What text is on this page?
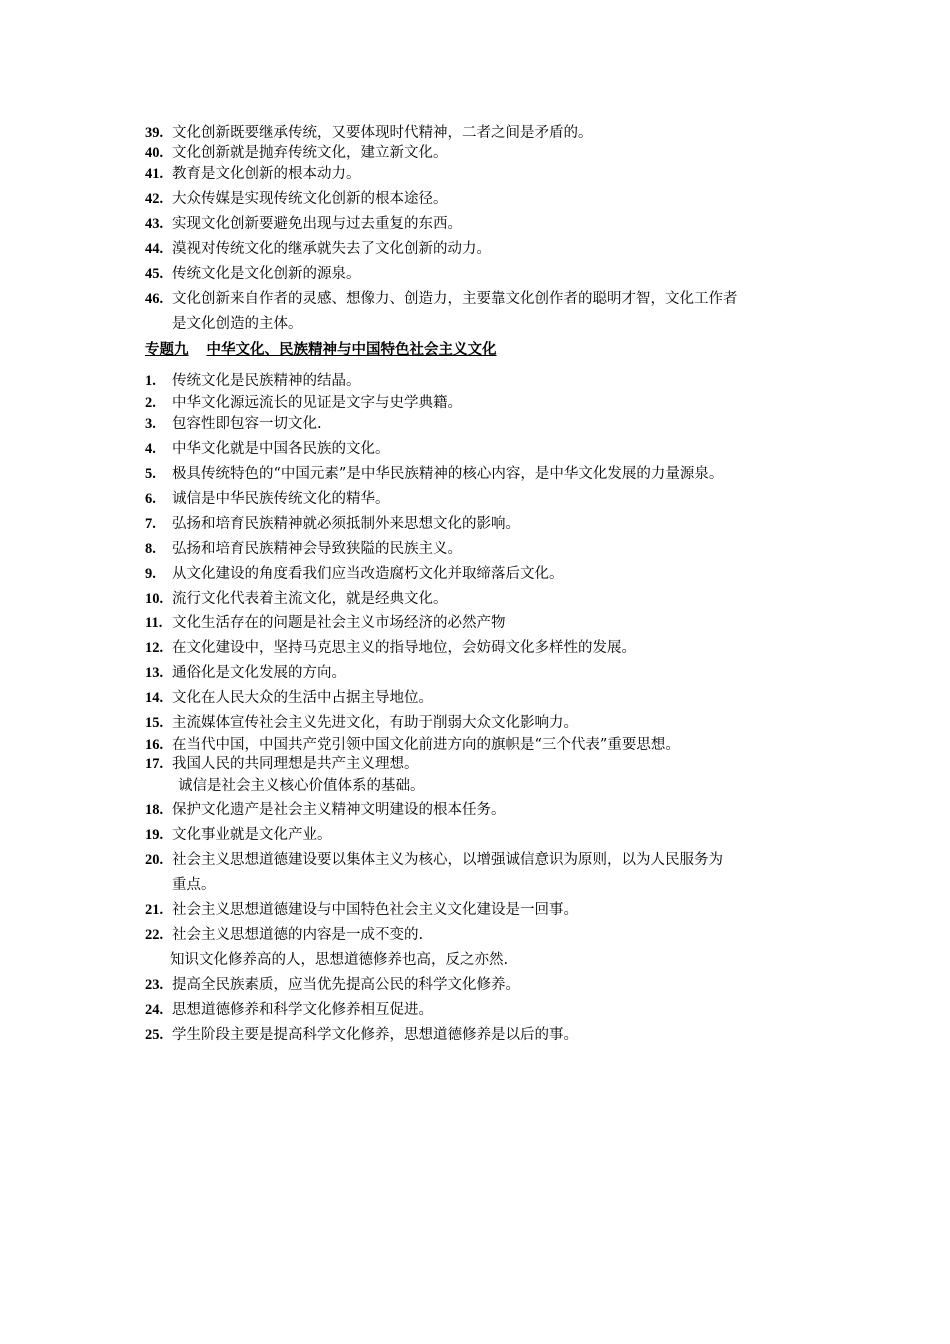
39. 文化创新既要继承传统，又要体现时代精神，二者之间是矛盾的。
40. 文化创新就是抛弃传统文化，建立新文化。
41. 教育是文化创新的根本动力。
42. 大众传媒是实现传统文化创新的根本途径。
43. 实现文化创新要避免出现与过去重复的东西。
44. 漠视对传统文化的继承就失去了文化创新的动力。
45. 传统文化是文化创新的源泉。
46. 文化创新来自作者的灵感、想像力、创造力，主要靠文化创作者的聪明才智，文化工作者
是文化创造的主体。
专题九 中华文化、民族精神与中国特色社会主义文化
1. 传统文化是民族精神的结晶。
2. 中华文化源远流长的见证是文字与史学典籍。
3. 包容性即包容一切文化.
4. 中华文化就是中国各民族的文化。
5. 极具传统特色的“中国元素”是中华民族精神的核心内容，是中华文化发展的力量源泉。
6. 诚信是中华民族传统文化的精华。
7. 弘扬和培育民族精神就必须抵制外来思想文化的影响。
8. 弘扬和培育民族精神会导致狭隘的民族主义。
9. 从文化建设的角度看我们应当改造腐朽文化并取缔落后文化。
10. 流行文化代表着主流文化，就是经典文化。
11. 文化生活存在的问题是社会主义市场经济的必然产物
12. 在文化建设中，坚持马克思主义的指导地位，会妨碍文化多样性的发展。
13. 通俗化是文化发展的方向。
14. 文化在人民大众的生活中占据主导地位。
15. 主流媒体宣传社会主义先进文化，有助于削弱大众文化影响力。
16. 在当代中国，中国共产党引领中国文化前进方向的旗帜是“三个代表”重要思想。
17. 我国人民的共同理想是共产主义理想。
诚信是社会主义核心价值体系的基础。
18. 保护文化遗产是社会主义精神文明建设的根本任务。
19. 文化事业就是文化产业。
20. 社会主义思想道德建设要以集体主义为核心，以增强诚信意识为原则，以为人民服务为
重点。
21. 社会主义思想道德建设与中国特色社会主义文化建设是一回事。
22. 社会主义思想道德的内容是一成不变的.
知识文化修养高的人，思想道德修养也高，反之亦然.
23. 提高全民族素质，应当优先提高公民的科学文化修养。
24. 思想道德修养和科学文化修养相互促进。
25. 学生阶段主要是提高科学文化修养，思想道德修养是以后的事。
